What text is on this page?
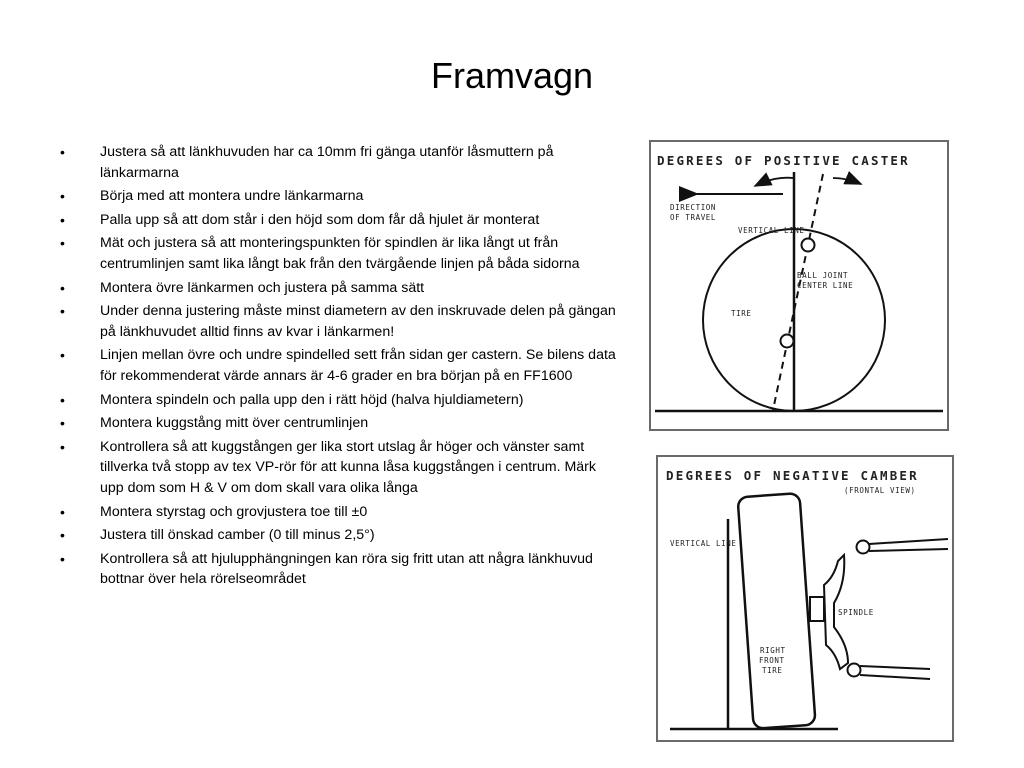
Framvagn
• Justera så att länkhuvuden har ca 10mm fri gänga utanför låsmuttern på länkarmarna
• Börja med att montera undre länkarmarna
• Palla upp så att dom står i den höjd som dom får då hjulet är monterat
• Mät och justera så att monteringspunkten för spindlen är lika långt ut från centrumlinjen samt lika långt bak från den tvärgående linjen på båda sidorna
• Montera övre länkarmen och justera på samma sätt
• Under denna justering måste minst diametern av den inskruvade delen på gängan på länkhuvudet alltid finns av kvar i länkarmen!
• Linjen mellan övre och undre spindelled sett från sidan ger castern. Se bilens data för rekommenderat värde annars är 4-6 grader en bra början på en FF1600
• Montera spindeln och palla upp den i rätt höjd (halva hjuldiametern)
• Montera kuggstång mitt över centrumlinjen
• Kontrollera så att kuggstången ger lika stort utslag år höger och vänster samt tillverka två stopp av tex VP-rör för att kunna låsa kuggstången i centrum. Märk upp dom som H & V om dom skall vara olika långa
• Montera styrstag och grovjustera toe till ±0
• Justera till önskad camber (0 till minus 2,5°)
• Kontrollera så att hjulupphängningen kan röra sig fritt utan att några länkhuvud bottnar över hela rörelseområdet
DEGREES OF POSITIVE CASTER
DIRECTION
OF TRAVEL
VERTICAL LINE
BALL JOINT
CENTER LINE
TIRE
DEGREES OF NEGATIVE CAMBER
(FRONTAL VIEW)
VERTICAL LINE
SPINDLE
RIGHT
FRONT
TIRE
